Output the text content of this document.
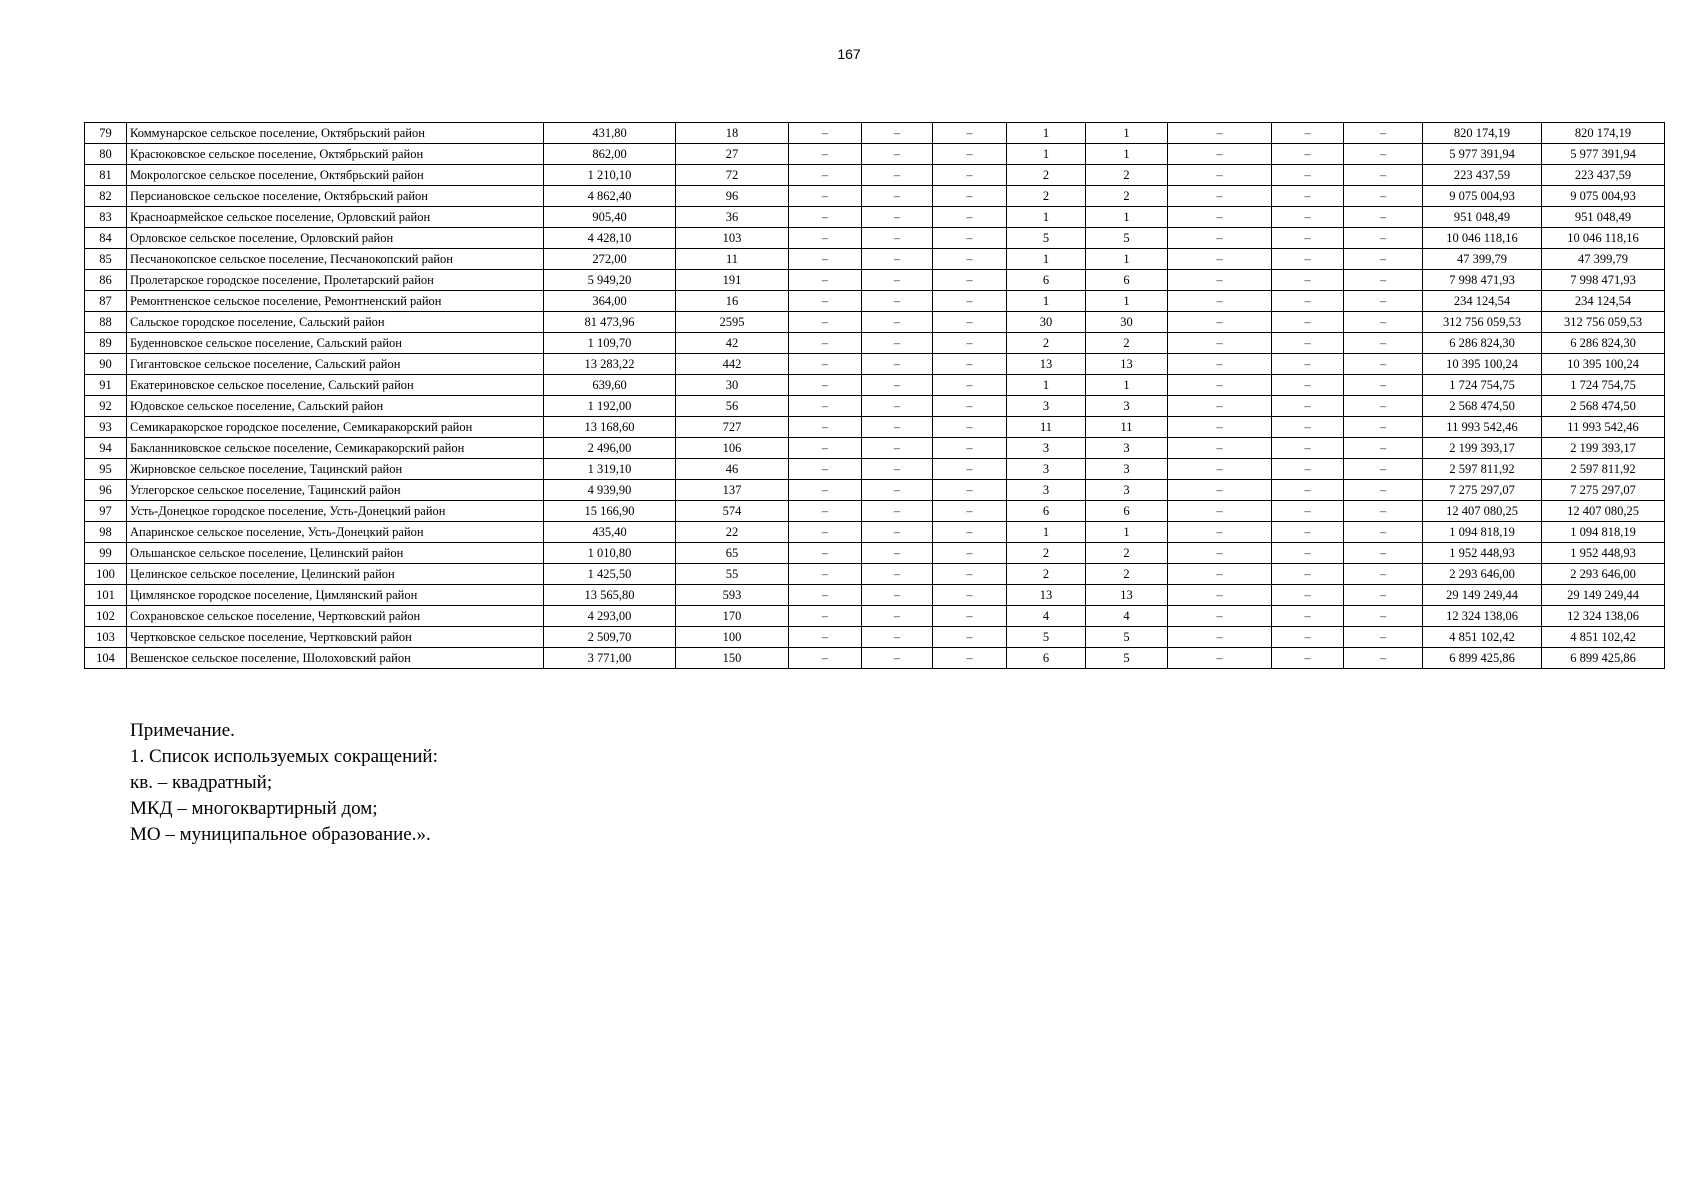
167
79	Коммунарское сельское поселение, Октябрьский район	431,80	18	–	–	–	1	1	–	–	–	820 174,19	820 174,19
80	Красюковское сельское поселение, Октябрьский район	862,00	27	–	–	–	1	1	–	–	–	5 977 391,94	5 977 391,94
81	Мокрологское сельское поселение, Октябрьский район	1 210,10	72	–	–	–	2	2	–	–	–	223 437,59	223 437,59
82	Персиановское сельское поселение, Октябрьский район	4 862,40	96	–	–	–	2	2	–	–	–	9 075 004,93	9 075 004,93
83	Красноармейское сельское поселение, Орловский район	905,40	36	–	–	–	1	1	–	–	–	951 048,49	951 048,49
84	Орловское сельское поселение, Орловский район	4 428,10	103	–	–	–	5	5	–	–	–	10 046 118,16	10 046 118,16
85	Песчанокопское сельское поселение, Песчанокопский район	272,00	11	–	–	–	1	1	–	–	–	47 399,79	47 399,79
86	Пролетарское городское поселение, Пролетарский район	5 949,20	191	–	–	–	6	6	–	–	–	7 998 471,93	7 998 471,93
87	Ремонтненское сельское поселение, Ремонтненский район	364,00	16	–	–	–	1	1	–	–	–	234 124,54	234 124,54
88	Сальское городское поселение, Сальский район	81 473,96	2595	–	–	–	30	30	–	–	–	312 756 059,53	312 756 059,53
89	Буденновское сельское поселение, Сальский район	1 109,70	42	–	–	–	2	2	–	–	–	6 286 824,30	6 286 824,30
90	Гигантовское сельское поселение, Сальский район	13 283,22	442	–	–	–	13	13	–	–	–	10 395 100,24	10 395 100,24
91	Екатериновское сельское поселение, Сальский район	639,60	30	–	–	–	1	1	–	–	–	1 724 754,75	1 724 754,75
92	Юдовское сельское поселение, Сальский район	1 192,00	56	–	–	–	3	3	–	–	–	2 568 474,50	2 568 474,50
93	Семикаракорское городское поселение, Семикаракорский район	13 168,60	727	–	–	–	11	11	–	–	–	11 993 542,46	11 993 542,46
94	Бакланниковское сельское поселение, Семикаракорский район	2 496,00	106	–	–	–	3	3	–	–	–	2 199 393,17	2 199 393,17
95	Жирновское сельское поселение, Тацинский район	1 319,10	46	–	–	–	3	3	–	–	–	2 597 811,92	2 597 811,92
96	Углегорское сельское поселение, Тацинский район	4 939,90	137	–	–	–	3	3	–	–	–	7 275 297,07	7 275 297,07
97	Усть-Донецкое городское поселение, Усть-Донецкий район	15 166,90	574	–	–	–	6	6	–	–	–	12 407 080,25	12 407 080,25
98	Апаринское сельское поселение, Усть-Донецкий район	435,40	22	–	–	–	1	1	–	–	–	1 094 818,19	1 094 818,19
99	Ольшанское сельское поселение, Целинский район	1 010,80	65	–	–	–	2	2	–	–	–	1 952 448,93	1 952 448,93
100	Целинское сельское поселение, Целинский район	1 425,50	55	–	–	–	2	2	–	–	–	2 293 646,00	2 293 646,00
101	Цимлянское городское поселение, Цимлянский район	13 565,80	593	–	–	–	13	13	–	–	–	29 149 249,44	29 149 249,44
102	Сохрановское сельское поселение, Чертковский район	4 293,00	170	–	–	–	4	4	–	–	–	12 324 138,06	12 324 138,06
103	Чертковское сельское поселение, Чертковский район	2 509,70	100	–	–	–	5	5	–	–	–	4 851 102,42	4 851 102,42
104	Вешенское сельское поселение, Шолоховский район	3 771,00	150	–	–	–	6	5	–	–	–	6 899 425,86	6 899 425,86
Примечание.
1. Список используемых сокращений:
кв. – квадратный;
МКД – многоквартирный дом;
МО – муниципальное образование.».
